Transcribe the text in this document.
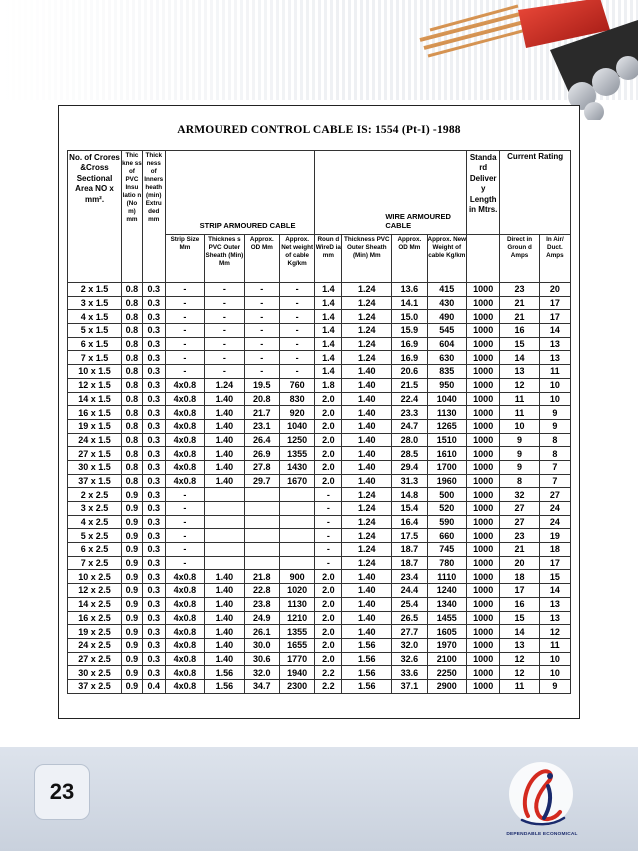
ARMOURED CONTROL CABLE IS: 1554 (Pt-I) -1988
No. of Crores &Cross Sectional Area NO x mm².	Thic kne ss of PVC Insu latio n (No m) mm	Thick ness of Inners heath (min) Extru ded mm	STRIP ARMOURED CABLE				WIRE ARMOURED CABLE				Standa rd Deliver y Length in Mtrs.	Current Rating	
			Strip Size Mm	Thicknes s PVC Outer Sheath (Min) Mm	Approx. OD Mm	Approx. Net weight of cable Kg/km	Roun d WireD ia mm	Thickness PVC Outer Sheath (Min) Mm	Approx. OD Mm	Approx. New Weight of cable Kg/km		Direct in Groun d Amps	In Air/ Duct. Amps
2 x 1.5	0.8	0.3	-	-	-	-	1.4	1.24	13.6	415	1000	23	20
3 x 1.5	0.8	0.3	-	-	-	-	1.4	1.24	14.1	430	1000	21	17
4 x 1.5	0.8	0.3	-	-	-	-	1.4	1.24	15.0	490	1000	21	17
5 x 1.5	0.8	0.3	-	-	-	-	1.4	1.24	15.9	545	1000	16	14
6 x 1.5	0.8	0.3	-	-	-	-	1.4	1.24	16.9	604	1000	15	13
7 x 1.5	0.8	0.3	-	-	-	-	1.4	1.24	16.9	630	1000	14	13
10 x 1.5	0.8	0.3	-	-	-	-	1.4	1.40	20.6	835	1000	13	11
12 x 1.5	0.8	0.3	4x0.8	1.24	19.5	760	1.8	1.40	21.5	950	1000	12	10
14 x 1.5	0.8	0.3	4x0.8	1.40	20.8	830	2.0	1.40	22.4	1040	1000	11	10
16 x 1.5	0.8	0.3	4x0.8	1.40	21.7	920	2.0	1.40	23.3	1130	1000	11	9
19 x 1.5	0.8	0.3	4x0.8	1.40	23.1	1040	2.0	1.40	24.7	1265	1000	10	9
24 x 1.5	0.8	0.3	4x0.8	1.40	26.4	1250	2.0	1.40	28.0	1510	1000	9	8
27 x 1.5	0.8	0.3	4x0.8	1.40	26.9	1355	2.0	1.40	28.5	1610	1000	9	8
30 x 1.5	0.8	0.3	4x0.8	1.40	27.8	1430	2.0	1.40	29.4	1700	1000	9	7
37 x 1.5	0.8	0.3	4x0.8	1.40	29.7	1670	2.0	1.40	31.3	1960	1000	8	7
2 x 2.5	0.9	0.3	-				-	1.24	14.8	500	1000	32	27
3 x 2.5	0.9	0.3	-				-	1.24	15.4	520	1000	27	24
4 x 2.5	0.9	0.3	-				-	1.24	16.4	590	1000	27	24
5 x 2.5	0.9	0.3	-				-	1.24	17.5	660	1000	23	19
6 x 2.5	0.9	0.3	-				-	1.24	18.7	745	1000	21	18
7 x 2.5	0.9	0.3	-				-	1.24	18.7	780	1000	20	17
10 x 2.5	0.9	0.3	4x0.8	1.40	21.8	900	2.0	1.40	23.4	1110	1000	18	15
12 x 2.5	0.9	0.3	4x0.8	1.40	22.8	1020	2.0	1.40	24.4	1240	1000	17	14
14 x 2.5	0.9	0.3	4x0.8	1.40	23.8	1130	2.0	1.40	25.4	1340	1000	16	13
16 x 2.5	0.9	0.3	4x0.8	1.40	24.9	1210	2.0	1.40	26.5	1455	1000	15	13
19 x 2.5	0.9	0.3	4x0.8	1.40	26.1	1355	2.0	1.40	27.7	1605	1000	14	12
24 x 2.5	0.9	0.3	4x0.8	1.40	30.0	1655	2.0	1.56	32.0	1970	1000	13	11
27 x 2.5	0.9	0.3	4x0.8	1.40	30.6	1770	2.0	1.56	32.6	2100	1000	12	10
30 x 2.5	0.9	0.3	4x0.8	1.56	32.0	1940	2.2	1.56	33.6	2250	1000	12	10
37 x 2.5	0.9	0.4	4x0.8	1.56	34.7	2300	2.2	1.56	37.1	2900	1000	11	9
23
DEPENDABLE ECONOMICAL
